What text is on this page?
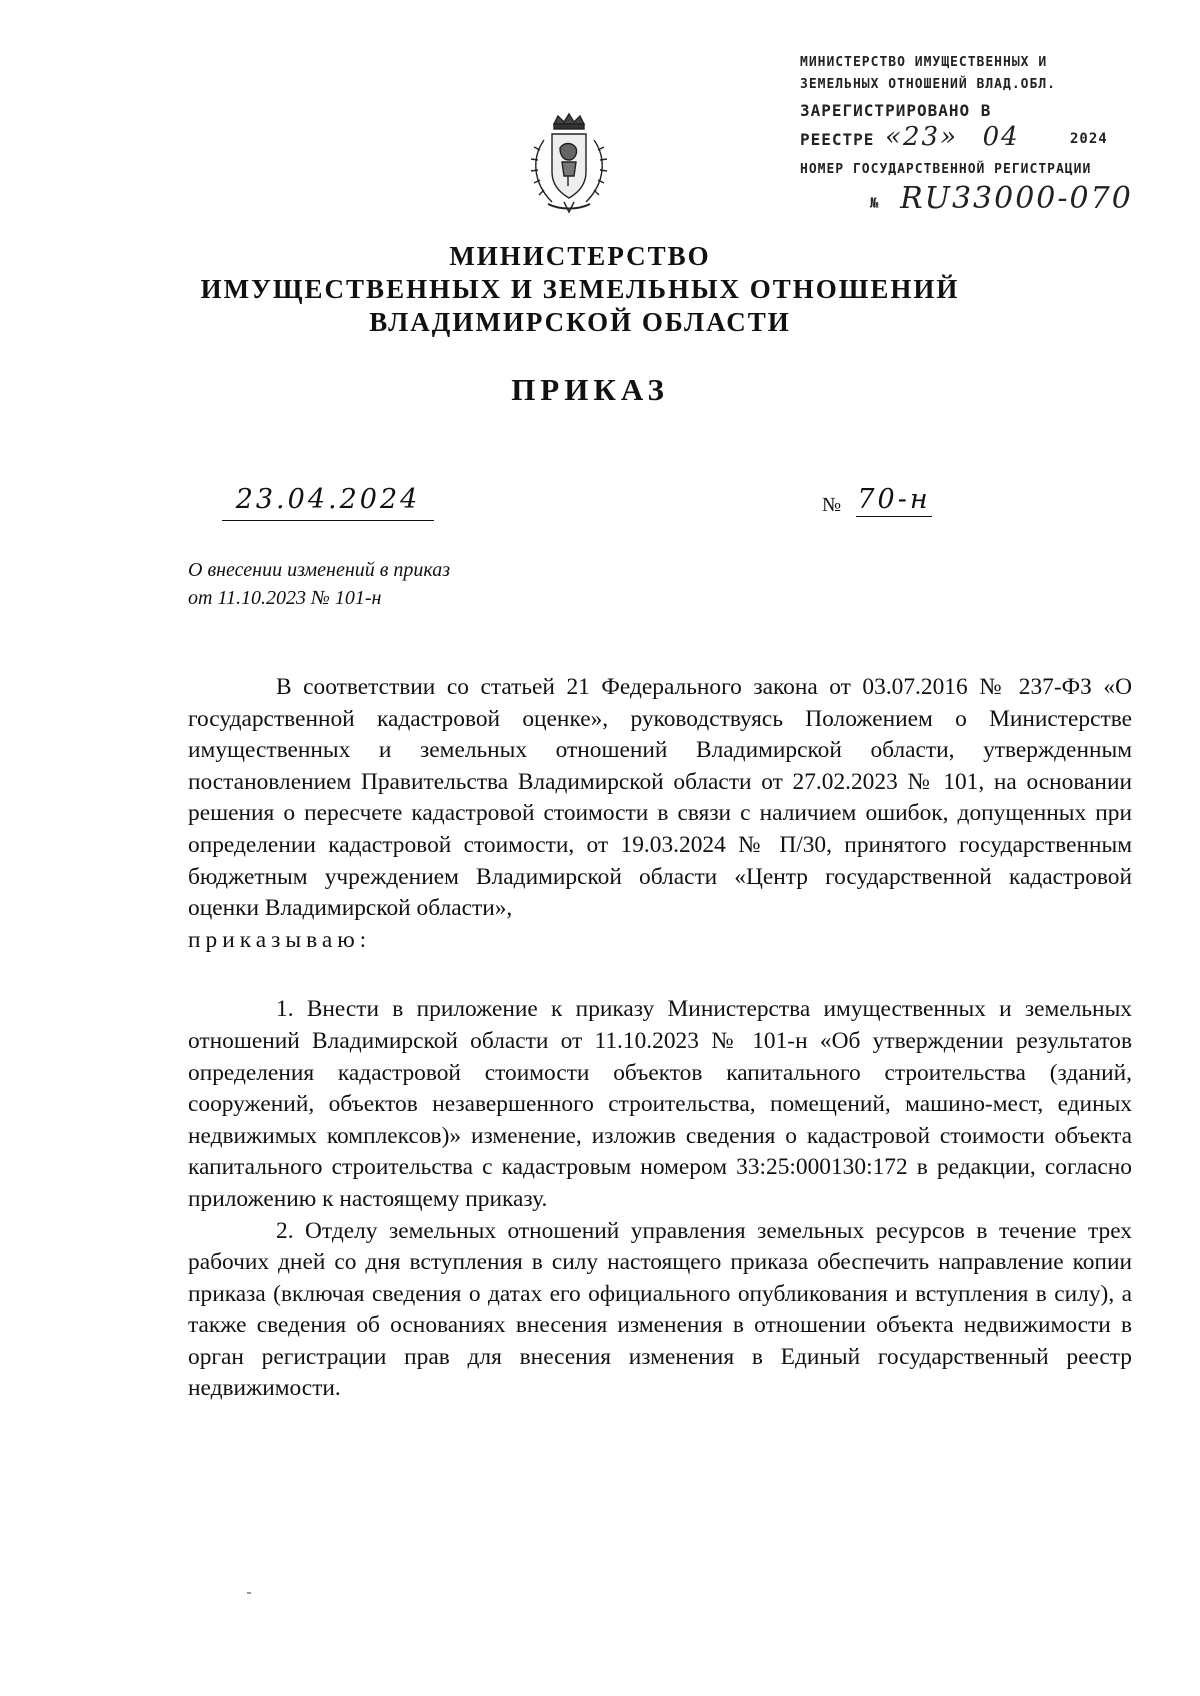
МИНИСТЕРСТВО ИМУЩЕСТВЕННЫХ И
ЗЕМЕЛЬНЫХ ОТНОШЕНИЙ ВЛАД.ОБЛ.
ЗАРЕГИСТРИРОВАНО В
РЕЕСТРЕ «23» 04	2024
НОМЕР ГОСУДАРСТВЕННОЙ РЕГИСТРАЦИИ
№ RU33000-070
МИНИСТЕРСТВО
ИМУЩЕСТВЕННЫХ И ЗЕМЕЛЬНЫХ ОТНОШЕНИЙ
ВЛАДИМИРСКОЙ ОБЛАСТИ
ПРИКАЗ
23.04.2024	№ 70-н
О внесении изменений в приказ
от 11.10.2023 № 101-н

В соответствии со статьей 21 Федерального закона от 03.07.2016 № 237-ФЗ «О государственной кадастровой оценке», руководствуясь Положением о Министерстве имущественных и земельных отношений Владимирской области, утвержденным постановлением Правительства Владимирской области от 27.02.2023 № 101, на основании решения о пересчете кадастровой стоимости в связи с наличием ошибок, допущенных при определении кадастровой стоимости, от 19.03.2024 № П/30, принятого государственным бюджетным учреждением Владимирской области «Центр государственной кадастровой оценки Владимирской области»,

приказываю:

1. Внести в приложение к приказу Министерства имущественных и земельных отношений Владимирской области от 11.10.2023 № 101-н «Об утверждении результатов определения кадастровой стоимости объектов капитального строительства (зданий, сооружений, объектов незавершенного строительства, помещений, машино-мест, единых недвижимых комплексов)» изменение, изложив сведения о кадастровой стоимости объекта капитального строительства с кадастровым номером 33:25:000130:172 в редакции, согласно приложению к настоящему приказу.

2. Отделу земельных отношений управления земельных ресурсов в течение трех рабочих дней со дня вступления в силу настоящего приказа обеспечить направление копии приказа (включая сведения о датах его официального опубликования и вступления в силу), а также сведения об основаниях внесения изменения в отношении объекта недвижимости в орган регистрации прав для внесения изменения в Единый государственный реестр недвижимости.
